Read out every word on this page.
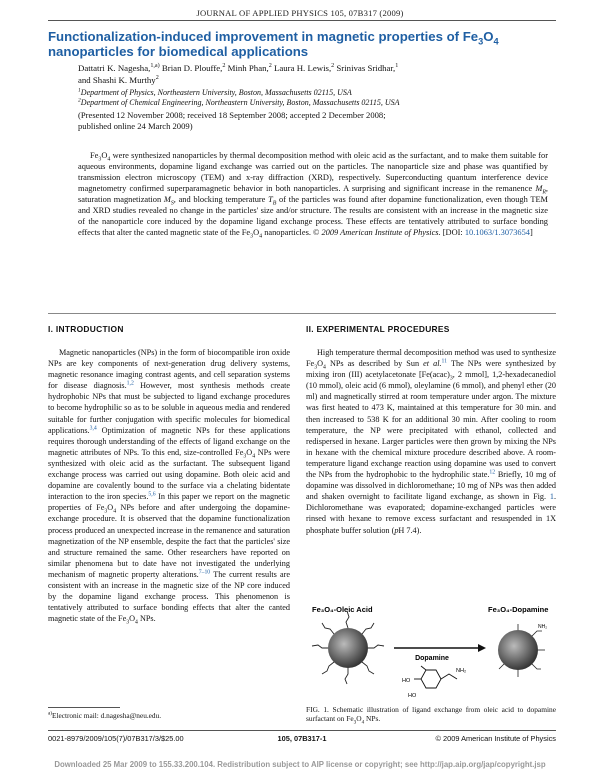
JOURNAL OF APPLIED PHYSICS 105, 07B317 (2009)
Functionalization-induced improvement in magnetic properties of $Fe_3O_4$
nanoparticles for biomedical applications
Dattatri K. Nagesha,$^{1,a)}$ Brian D. Plouffe,$^2$ Minh Phan,$^2$ Laura H. Lewis,$^2$ Srinivas Sridhar,$^1$
and Shashi K. Murthy$^2$
$^1$Department of Physics, Northeastern University, Boston, Massachusetts 02115, USA
$^2$Department of Chemical Engineering, Northeastern University, Boston, Massachusetts 02115, USA
(Presented 12 November 2008; received 18 September 2008; accepted 2 December 2008;
published online 24 March 2009)

$Fe_3O_4$ were synthesized nanoparticles by thermal decomposition method with oleic acid as the surfactant, and to make them suitable for aqueous environments, dopamine ligand exchange was carried out on the particles. The nanoparticle size and phase was quantified by transmission electron microscopy (TEM) and x-ray diffraction (XRD), respectively. Superconducting quantum interference device magnetometry confirmed superparamagnetic behavior in both nanoparticles. A surprising and significant increase in the remanence $M_R$, saturation magnetization $M_S$, and blocking temperature $T_B$ of the particles was found after dopamine functionalization, even though TEM and XRD studies revealed no change in the particles' size and/or structure. The results are consistent with an increase in the magnetic size of the nanoparticle core induced by the dopamine ligand exchange process. These effects are tentatively attributed to surface bonding effects that alter the canted magnetic state of the $Fe_3O_4$ nanoparticles. © 2009 American Institute of Physics. [DOI: 10.1063/1.3073654]

I. INTRODUCTION	II. EXPERIMENTAL PROCEDURES

Magnetic nanoparticles (NPs) in the form of biocompatible iron oxide NPs are key components of next-generation drug delivery systems, magnetic resonance imaging contrast agents, and cell separation systems for disease diagnosis.$^{1,2}$ However, most synthesis methods create hydrophobic NPs that must be subjected to ligand exchange procedures to become hydrophilic so as to be soluble in aqueous media and rendered suitable for further conjugation with specific molecules for biomedical applications.$^{3,4}$ Optimization of magnetic NPs for these applications requires thorough understanding of the effects of ligand exchange on the magnetic attributes of NPs. To this end, size-controlled $Fe_3O_4$ NPs were synthesized with oleic acid as the surfactant. The subsequent ligand exchange process was carried out using dopamine. Both oleic acid and dopamine are covalently bound to the surface via a chelating bidentate interaction to the iron species.$^{5,6}$ In this paper we report on the magnetic properties of $Fe_3O_4$ NPs before and after undergoing the dopamine-exchange procedure. It is observed that the dopamine functionalization process produced an unexpected increase in the remanence and saturation magnetization of the NP ensemble, despite the fact that the particles' size and structure remained the same. Other researchers have reported on similar phenomena but to date have not investigated the underlying mechanism of magnetic property alterations.$^{7-10}$ The current results are consistent with an increase in the magnetic size of the NP core induced by the dopamine ligand exchange process. This phenomenon is tentatively attributed to surface bonding effects that alter the canted magnetic state of the $Fe_3O_4$ NPs.

High temperature thermal decomposition method was used to synthesize $Fe_3O_4$ NPs as described by Sun et al.$^{11}$ The NPs were synthesized by mixing iron (III) acetylacetonate [$Fe(acac)_3$, 2 mmol], 1,2-hexadecanediol (10 mmol), oleic acid (6 mmol), oleylamine (6 mmol), and phenyl ether (20 ml) and magnetically stirred at room temperature under argon. The mixture was first heated to 473 K, maintained at this temperature for 30 min. and then increased to 538 K for an additional 30 min. After cooling to room temperature, the NP were precipitated with ethanol, collected and redispersed in hexane. Larger particles were then grown by mixing the NPs in hexane with the chemical mixture procedure described above. A room-temperature ligand exchange reaction using dopamine was used to convert the NPs from the hydrophobic to the hydrophilic state.$^{12}$ Briefly, 10 mg of dopamine was dissolved in dichloromethane; 10 mg of NPs was then added and shaken overnight to facilitate ligand exchange, as shown in Fig. 1. Dichloromethane was evaporated; dopamine-exchanged particles were rinsed with hexane to remove excess surfactant and resuspended in 1X phosphate buffer solution (pH 7.4).

Fe₃O₄-Oleic Acid
Dopamine
HO
HO
NH₂
Fe₃O₄-Dopamine
NH₂
FIG. 1. Schematic illustration of ligand exchange from oleic acid to dopamine surfactant on $Fe_3O_4$ NPs.
$^{a)}$Electronic mail: d.nagesha@neu.edu.
0021-8979/2009/105(7)/07B317/3/$25.00	105, 07B317-1	© 2009 American Institute of Physics
Downloaded 25 Mar 2009 to 155.33.200.104. Redistribution subject to AIP license or copyright; see http://jap.aip.org/jap/copyright.jsp
